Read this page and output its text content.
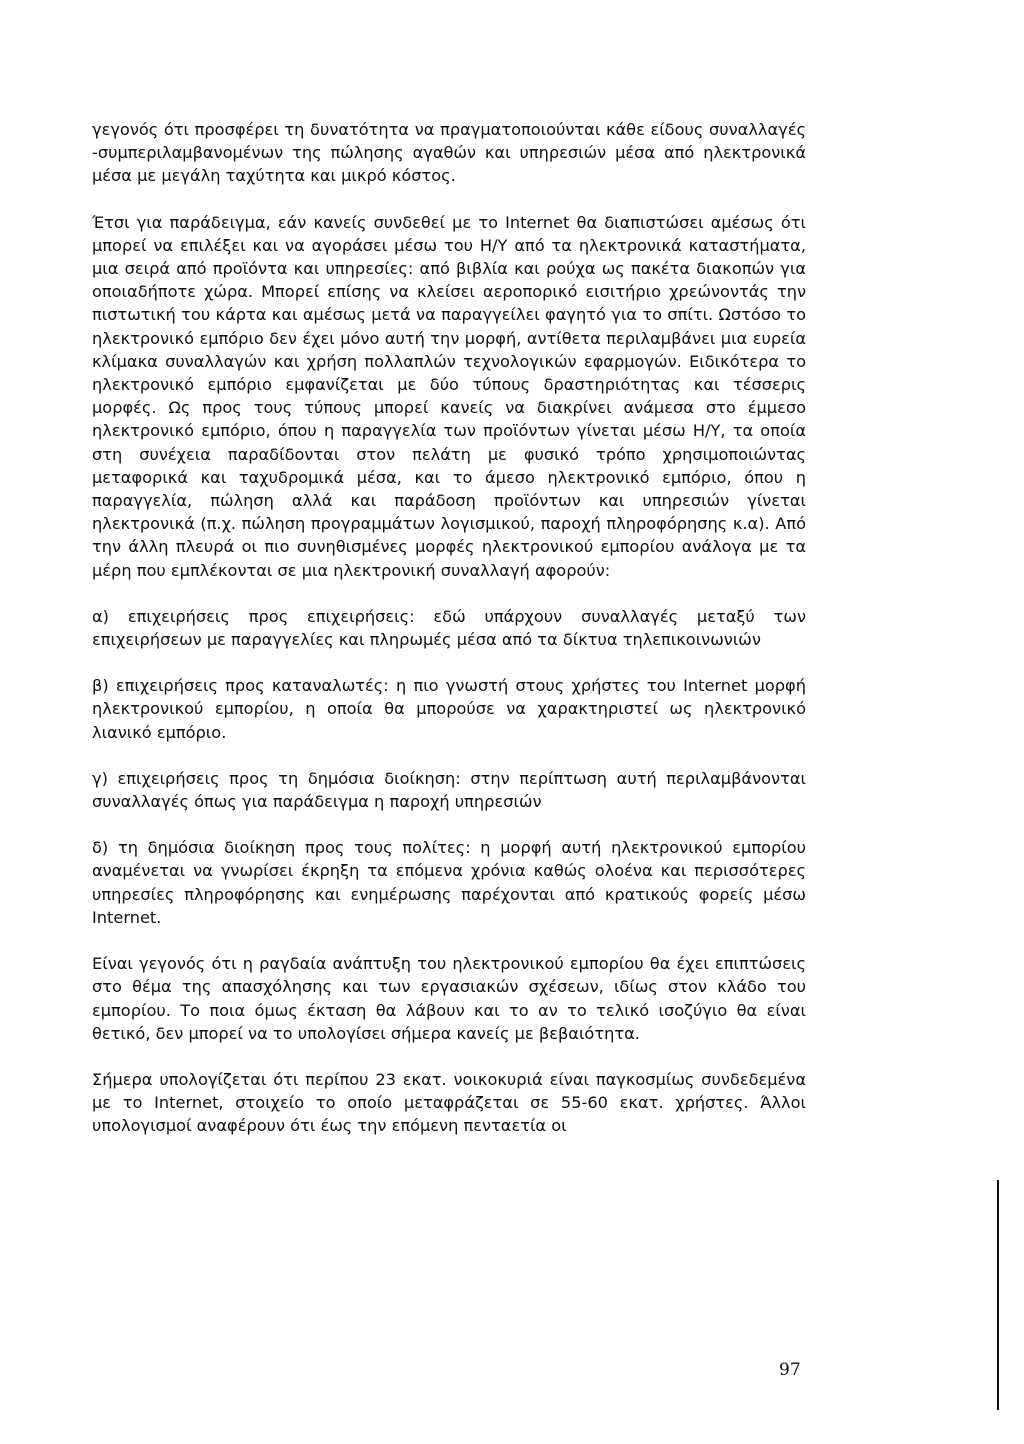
γεγονός ότι προσφέρει τη δυνατότητα να πραγματοποιούνται κάθε είδους συναλλαγές -συμπεριλαμβανομένων της πώλησης αγαθών και υπηρεσιών μέσα από ηλεκτρονικά μέσα με μεγάλη ταχύτητα και μικρό κόστος.

Έτσι για παράδειγμα, εάν κανείς συνδεθεί με το Internet θα διαπιστώσει αμέσως ότι μπορεί να επιλέξει και να αγοράσει μέσω του Η/Υ από τα ηλεκτρονικά καταστήματα, μια σειρά από προϊόντα και υπηρεσίες: από βιβλία και ρούχα ως πακέτα διακοπών για οποιαδήποτε χώρα. Μπορεί επίσης να κλείσει αεροπορικό εισιτήριο χρεώνοντάς την πιστωτική του κάρτα και αμέσως μετά να παραγγείλει φαγητό για το σπίτι. Ωστόσο το ηλεκτρονικό εμπόριο δεν έχει μόνο αυτή την μορφή, αντίθετα περιλαμβάνει μια ευρεία κλίμακα συναλλαγών και χρήση πολλαπλών τεχνολογικών εφαρμογών. Ειδικότερα το ηλεκτρονικό εμπόριο εμφανίζεται με δύο τύπους δραστηριότητας και τέσσερις μορφές. Ως προς τους τύπους μπορεί κανείς να διακρίνει ανάμεσα στο έμμεσο ηλεκτρονικό εμπόριο, όπου η παραγγελία των προϊόντων γίνεται μέσω Η/Υ, τα οποία στη συνέχεια παραδίδονται στον πελάτη με φυσικό τρόπο χρησιμοποιώντας μεταφορικά και ταχυδρομικά μέσα, και το άμεσο ηλεκτρονικό εμπόριο, όπου η παραγγελία, πώληση αλλά και παράδοση προϊόντων και υπηρεσιών γίνεται ηλεκτρονικά (π.χ. πώληση προγραμμάτων λογισμικού, παροχή πληροφόρησης κ.α). Από την άλλη πλευρά οι πιο συνηθισμένες μορφές ηλεκτρονικού εμπορίου ανάλογα με τα μέρη που εμπλέκονται σε μια ηλεκτρονική συναλλαγή αφορούν:

α) επιχειρήσεις προς επιχειρήσεις: εδώ υπάρχουν συναλλαγές μεταξύ των επιχειρήσεων με παραγγελίες και πληρωμές μέσα από τα δίκτυα τηλεπικοινωνιών

β) επιχειρήσεις προς καταναλωτές: η πιο γνωστή στους χρήστες του Internet μορφή ηλεκτρονικού εμπορίου, η οποία θα μπορούσε να χαρακτηριστεί ως ηλεκτρονικό λιανικό εμπόριο.

γ) επιχειρήσεις προς τη δημόσια διοίκηση: στην περίπτωση αυτή περιλαμβάνονται συναλλαγές όπως για παράδειγμα η παροχή υπηρεσιών

δ) τη δημόσια διοίκηση προς τους πολίτες: η μορφή αυτή ηλεκτρονικού εμπορίου αναμένεται να γνωρίσει έκρηξη τα επόμενα χρόνια καθώς ολοένα και περισσότερες υπηρεσίες πληροφόρησης και ενημέρωσης παρέχονται από κρατικούς φορείς μέσω Internet.

Είναι γεγονός ότι η ραγδαία ανάπτυξη του ηλεκτρονικού εμπορίου θα έχει επιπτώσεις στο θέμα της απασχόλησης και των εργασιακών σχέσεων, ιδίως στον κλάδο του εμπορίου. Το ποια όμως έκταση θα λάβουν και το αν το τελικό ισοζύγιο θα είναι θετικό, δεν μπορεί να το υπολογίσει σήμερα κανείς με βεβαιότητα.

Σήμερα υπολογίζεται ότι περίπου 23 εκατ. νοικοκυριά είναι παγκοσμίως συνδεδεμένα με το Internet, στοιχείο το οποίο μεταφράζεται σε 55-60 εκατ. χρήστες. Άλλοι υπολογισμοί αναφέρουν ότι έως την επόμενη πενταετία οι

97
